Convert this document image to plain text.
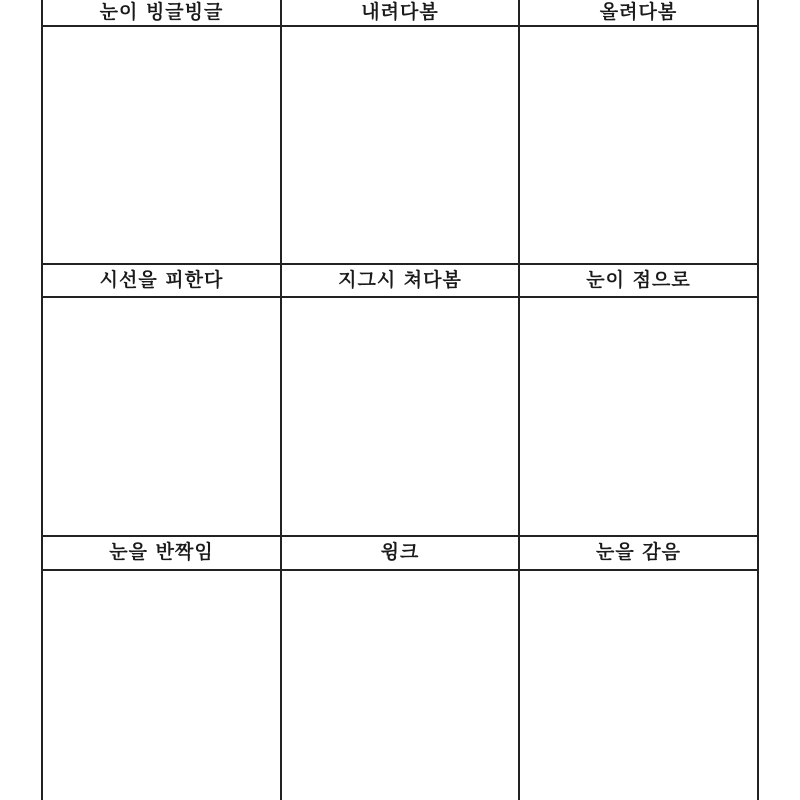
눈이 빙글빙글	내려다봄	올려다봄
시선을 피한다	지그시 쳐다봄	눈이 점으로
눈을 반짝임	윙크	눈을 감음
